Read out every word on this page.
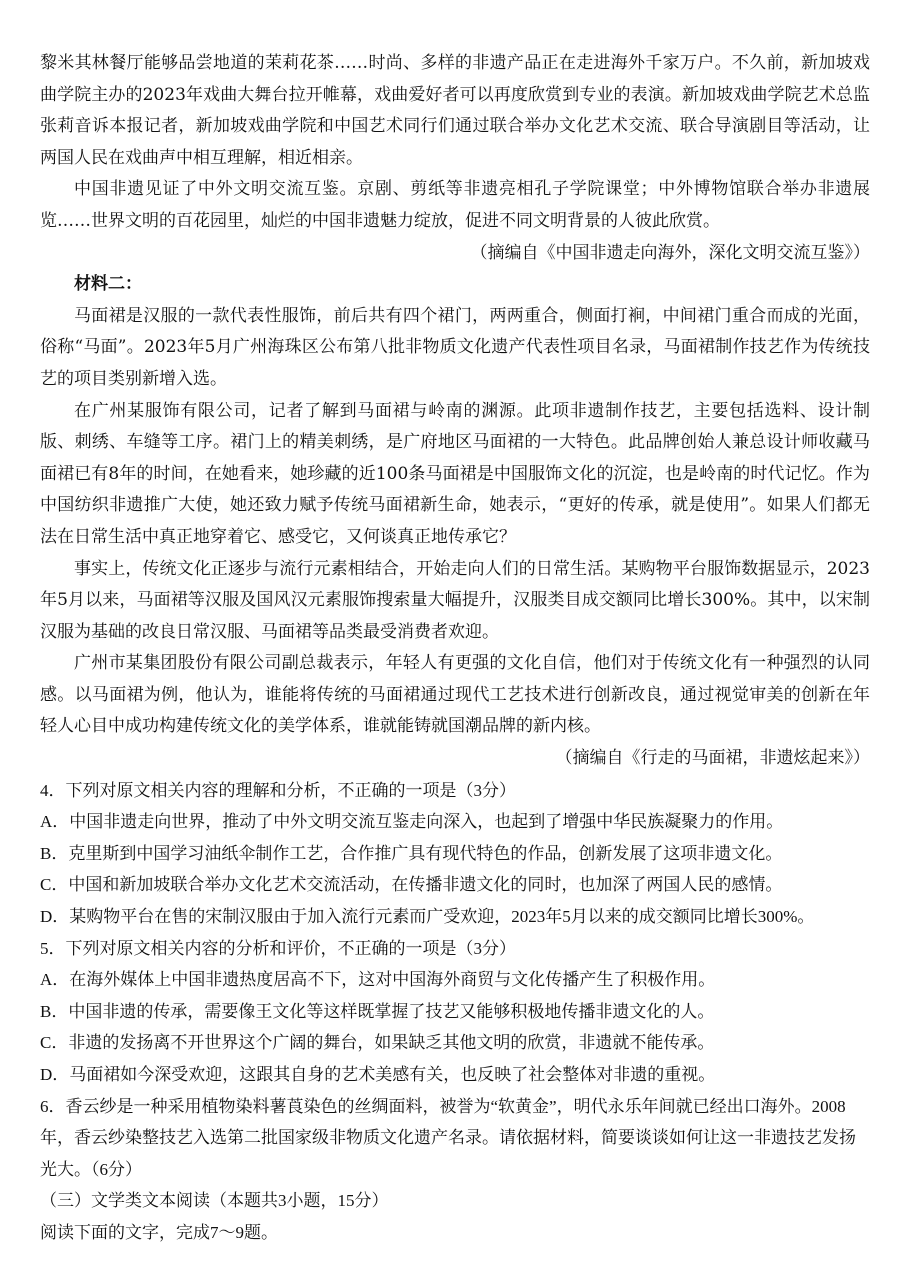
黎米其林餐厅能够品尝地道的茉莉花茶……时尚、多样的非遗产品正在走进海外千家万户。不久前，新加坡戏曲学院主办的2023年戏曲大舞台拉开帷幕，戏曲爱好者可以再度欣赏到专业的表演。新加坡戏曲学院艺术总监张莉音诉本报记者，新加坡戏曲学院和中国艺术同行们通过联合举办文化艺术交流、联合导演剧目等活动，让两国人民在戏曲声中相互理解，相近相亲。

中国非遗见证了中外文明交流互鉴。京剧、剪纸等非遗亮相孔子学院课堂；中外博物馆联合举办非遗展览……世界文明的百花园里，灿烂的中国非遗魅力绽放，促进不同文明背景的人彼此欣赏。

（摘编自《中国非遗走向海外，深化文明交流互鉴》）

材料二：

马面裙是汉服的一款代表性服饰，前后共有四个裙门，两两重合，侧面打裥，中间裙门重合而成的光面，俗称“马面”。2023年5月广州海珠区公布第八批非物质文化遗产代表性项目名录，马面裙制作技艺作为传统技艺的项目类别新增入选。

在广州某服饰有限公司，记者了解到马面裙与岭南的渊源。此项非遗制作技艺，主要包括选料、设计制版、刺绣、车缝等工序。裙门上的精美刺绣，是广府地区马面裙的一大特色。此品牌创始人兼总设计师收藏马面裙已有8年的时间，在她看来，她珍藏的近100条马面裙是中国服饰文化的沉淀，也是岭南的时代记忆。作为中国纺织非遗推广大使，她还致力赋予传统马面裙新生命，她表示，“更好的传承，就是使用”。如果人们都无法在日常生活中真正地穿着它、感受它，又何谈真正地传承它？

事实上，传统文化正逐步与流行元素相结合，开始走向人们的日常生活。某购物平台服饰数据显示，2023年5月以来，马面裙等汉服及国风汉元素服饰搜索量大幅提升，汉服类目成交额同比增长300%。其中，以宋制汉服为基础的改良日常汉服、马面裙等品类最受消费者欢迎。

广州市某集团股份有限公司副总裁表示，年轻人有更强的文化自信，他们对于传统文化有一种强烈的认同感。以马面裙为例，他认为，谁能将传统的马面裙通过现代工艺技术进行创新改良，通过视觉审美的创新在年轻人心目中成功构建传统文化的美学体系，谁就能铸就国潮品牌的新内核。

（摘编自《行走的马面裙，非遗炫起来》）

4．下列对原文相关内容的理解和分析，不正确的一项是（3分）

A．中国非遗走向世界，推动了中外文明交流互鉴走向深入，也起到了增强中华民族凝聚力的作用。

B．克里斯到中国学习油纸伞制作工艺，合作推广具有现代特色的作品，创新发展了这项非遗文化。

C．中国和新加坡联合举办文化艺术交流活动，在传播非遗文化的同时，也加深了两国人民的感情。

D．某购物平台在售的宋制汉服由于加入流行元素而广受欢迎，2023年5月以来的成交额同比增长300%。

5．下列对原文相关内容的分析和评价，不正确的一项是（3分）

A．在海外媒体上中国非遗热度居高不下，这对中国海外商贸与文化传播产生了积极作用。

B．中国非遗的传承，需要像王文化等这样既掌握了技艺又能够积极地传播非遗文化的人。

C．非遗的发扬离不开世界这个广阔的舞台，如果缺乏其他文明的欣赏，非遗就不能传承。

D．马面裙如今深受欢迎，这跟其自身的艺术美感有关，也反映了社会整体对非遗的重视。

6．香云纱是一种采用植物染料薯莨染色的丝绸面料，被誉为“软黄金”，明代永乐年间就已经出口海外。2008年，香云纱染整技艺入选第二批国家级非物质文化遗产名录。请依据材料，简要谈谈如何让这一非遗技艺发扬光大。（6分）

（三）文学类文本阅读（本题共3小题，15分）

阅读下面的文字，完成7～9题。
